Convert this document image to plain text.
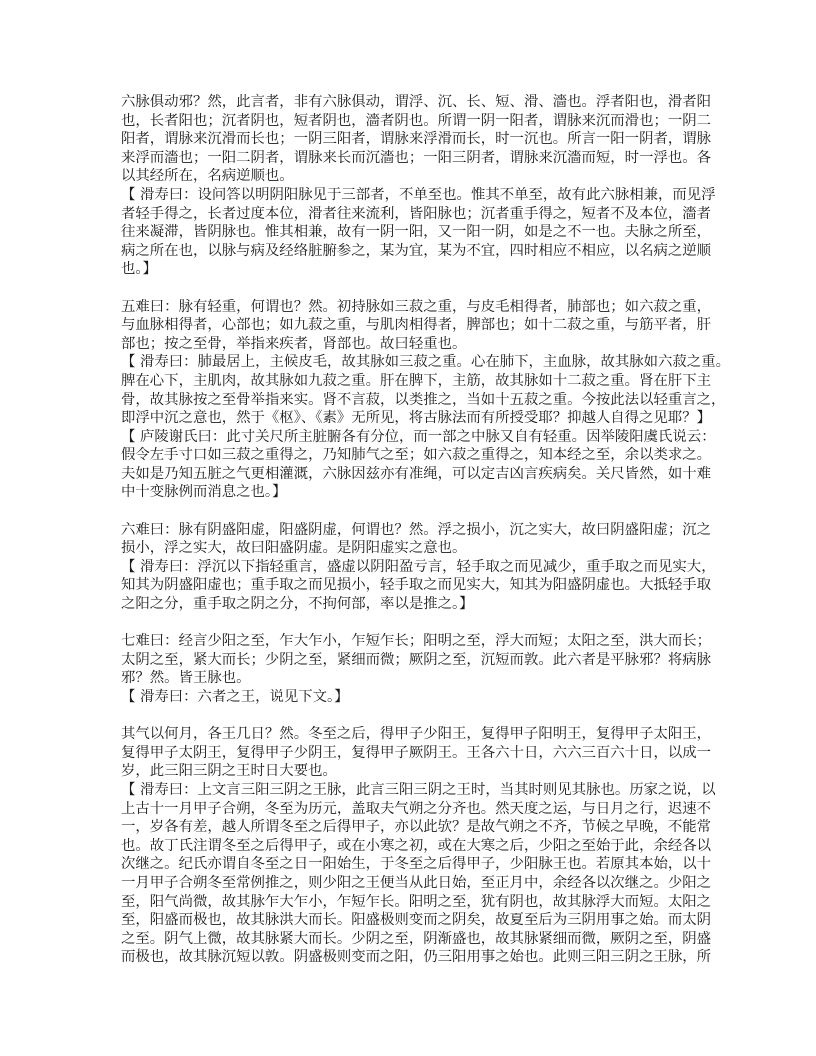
六脉俱动邪？然，此言者，非有六脉俱动，谓浮、沉、长、短、滑、濇也。浮者阳也，滑者阳
也，长者阳也；沉者阴也，短者阴也，濇者阴也。所谓一阴一阳者，谓脉来沉而滑也；一阴二
阳者，谓脉来沉滑而长也；一阴三阳者，谓脉来浮滑而长，时一沉也。所言一阳一阴者，谓脉
来浮而濇也；一阳二阴者，谓脉来长而沉濇也；一阳三阴者，谓脉来沉濇而短，时一浮也。各
以其经所在，名病逆顺也。
【 滑寿曰：设问答以明阴阳脉见于三部者，不单至也。惟其不单至，故有此六脉相兼，而见浮
者轻手得之，长者过度本位，滑者往来流利，皆阳脉也；沉者重手得之，短者不及本位，濇者
往来凝滞，皆阴脉也。惟其相兼，故有一阴一阳，又一阳一阴，如是之不一也。夫脉之所至，
病之所在也，以脉与病及经络脏腑参之，某为宜，某为不宜，四时相应不相应，以名病之逆顺
也。】
五难曰：脉有轻重，何谓也？然。初持脉如三菽之重，与皮毛相得者，肺部也；如六菽之重，
与血脉相得者，心部也；如九菽之重，与肌肉相得者，脾部也；如十二菽之重，与筋平者，肝
部也；按之至骨，举指来疾者，肾部也。故曰轻重也。
【 滑寿曰：肺最居上，主候皮毛，故其脉如三菽之重。心在肺下，主血脉，故其脉如六菽之重。
脾在心下，主肌肉，故其脉如九菽之重。肝在脾下，主筋，故其脉如十二菽之重。肾在肝下主
骨，故其脉按之至骨举指来实。肾不言菽，以类推之，当如十五菽之重。今按此法以轻重言之，
即浮中沉之意也，然于《枢》、《素》无所见，将古脉法而有所授受耶？抑越人自得之见耶？】
【 庐陵谢氏曰：此寸关尺所主脏腑各有分位，而一部之中脉又自有轻重。因举陵阳虞氏说云：
假令左手寸口如三菽之重得之，乃知肺气之至；如六菽之重得之，知本经之至，余以类求之。
夫如是乃知五脏之气更相灌溉，六脉因兹亦有准绳，可以定吉凶言疾病矣。关尺皆然，如十难
中十变脉例而消息之也。】
六难曰：脉有阴盛阳虚，阳盛阴虚，何谓也？然。浮之损小，沉之实大，故曰阴盛阳虚；沉之
损小，浮之实大，故曰阳盛阴虚。是阴阳虚实之意也。
【 滑寿曰：浮沉以下指轻重言，盛虚以阴阳盈亏言，轻手取之而见减少，重手取之而见实大，
知其为阴盛阳虚也；重手取之而见损小，轻手取之而见实大，知其为阳盛阴虚也。大抵轻手取
之阳之分，重手取之阴之分，不拘何部，率以是推之。】
七难曰：经言少阳之至，乍大乍小，乍短乍长；阳明之至，浮大而短；太阳之至，洪大而长；
太阴之至，紧大而长；少阴之至，紧细而微；厥阴之至，沉短而敦。此六者是平脉邪？将病脉
邪？然。皆王脉也。
【 滑寿曰：六者之王，说见下文。】
其气以何月，各王几日？然。冬至之后，得甲子少阳王，复得甲子阳明王，复得甲子太阳王，
复得甲子太阴王，复得甲子少阴王，复得甲子厥阴王。王各六十日，六六三百六十日，以成一
岁，此三阳三阴之王时日大要也。
【 滑寿曰：上文言三阳三阴之王脉，此言三阳三阴之王时，当其时则见其脉也。历家之说，以
上古十一月甲子合朔，冬至为历元，盖取夫气朔之分齐也。然天度之运，与日月之行，迟速不
一，岁各有差，越人所谓冬至之后得甲子，亦以此欤？是故气朔之不齐，节候之早晚，不能常
也。故丁氏注谓冬至之后得甲子，或在小寒之初，或在大寒之后，少阳之至始于此，余经各以
次继之。纪氏亦谓自冬至之日一阳始生，于冬至之后得甲子，少阳脉王也。若原其本始，以十
一月甲子合朔冬至常例推之，则少阳之王便当从此日始，至正月中，余经各以次继之。少阳之
至，阳气尚微，故其脉乍大乍小，乍短乍长。阳明之至，犹有阴也，故其脉浮大而短。太阳之
至，阳盛而极也，故其脉洪大而长。阳盛极则变而之阴矣，故夏至后为三阴用事之始。而太阴
之至。阴气上微，故其脉紧大而长。少阴之至，阴渐盛也，故其脉紧细而微，厥阴之至，阴盛
而极也，故其脉沉短以敦。阴盛极则变而之阳，仍三阳用事之始也。此则三阳三阴之王脉，所
